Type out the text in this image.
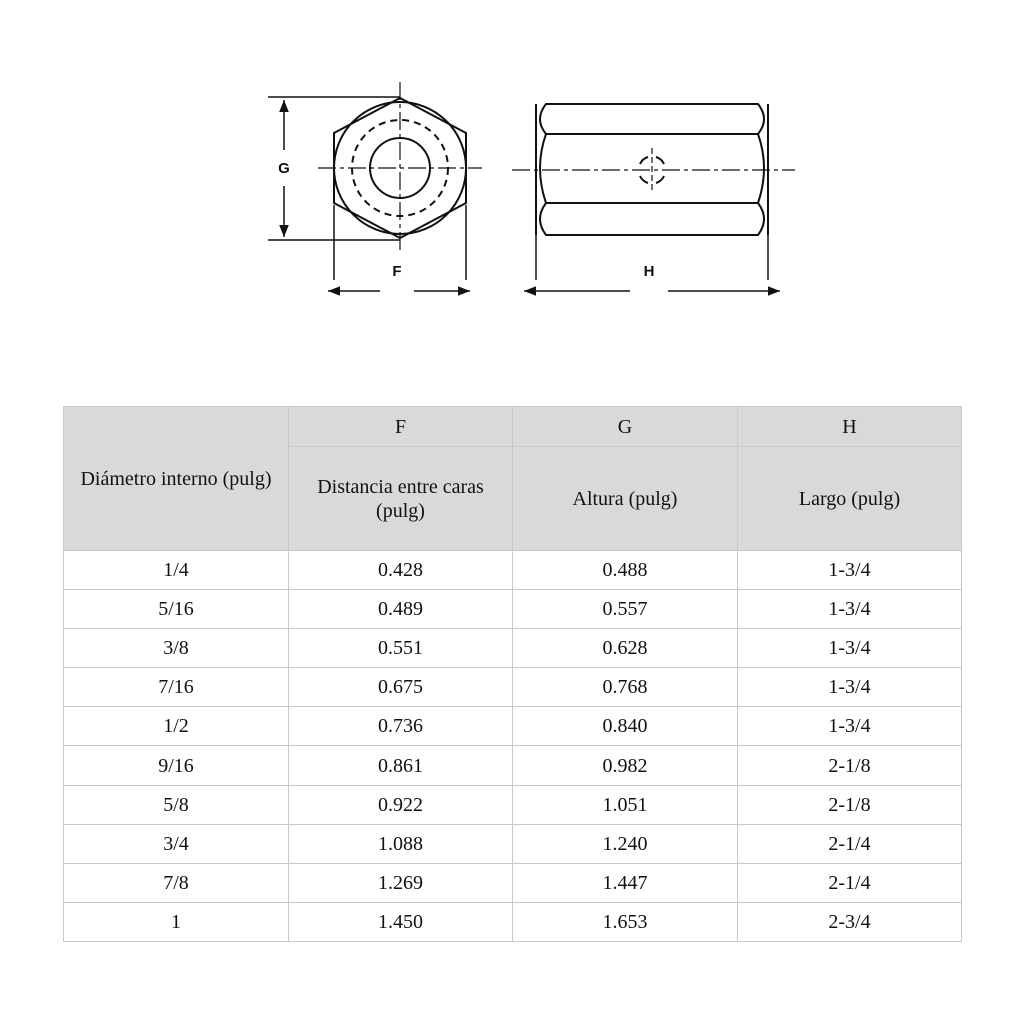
G
F	H
Diámetro interno (pulg)	F	G	H
	Distancia entre caras (pulg)	Altura (pulg)	Largo (pulg)
1/4	0.428	0.488	1-3/4
5/16	0.489	0.557	1-3/4
3/8	0.551	0.628	1-3/4
7/16	0.675	0.768	1-3/4
1/2	0.736	0.840	1-3/4
9/16	0.861	0.982	2-1/8
5/8	0.922	1.051	2-1/8
3/4	1.088	1.240	2-1/4
7/8	1.269	1.447	2-1/4
1	1.450	1.653	2-3/4
